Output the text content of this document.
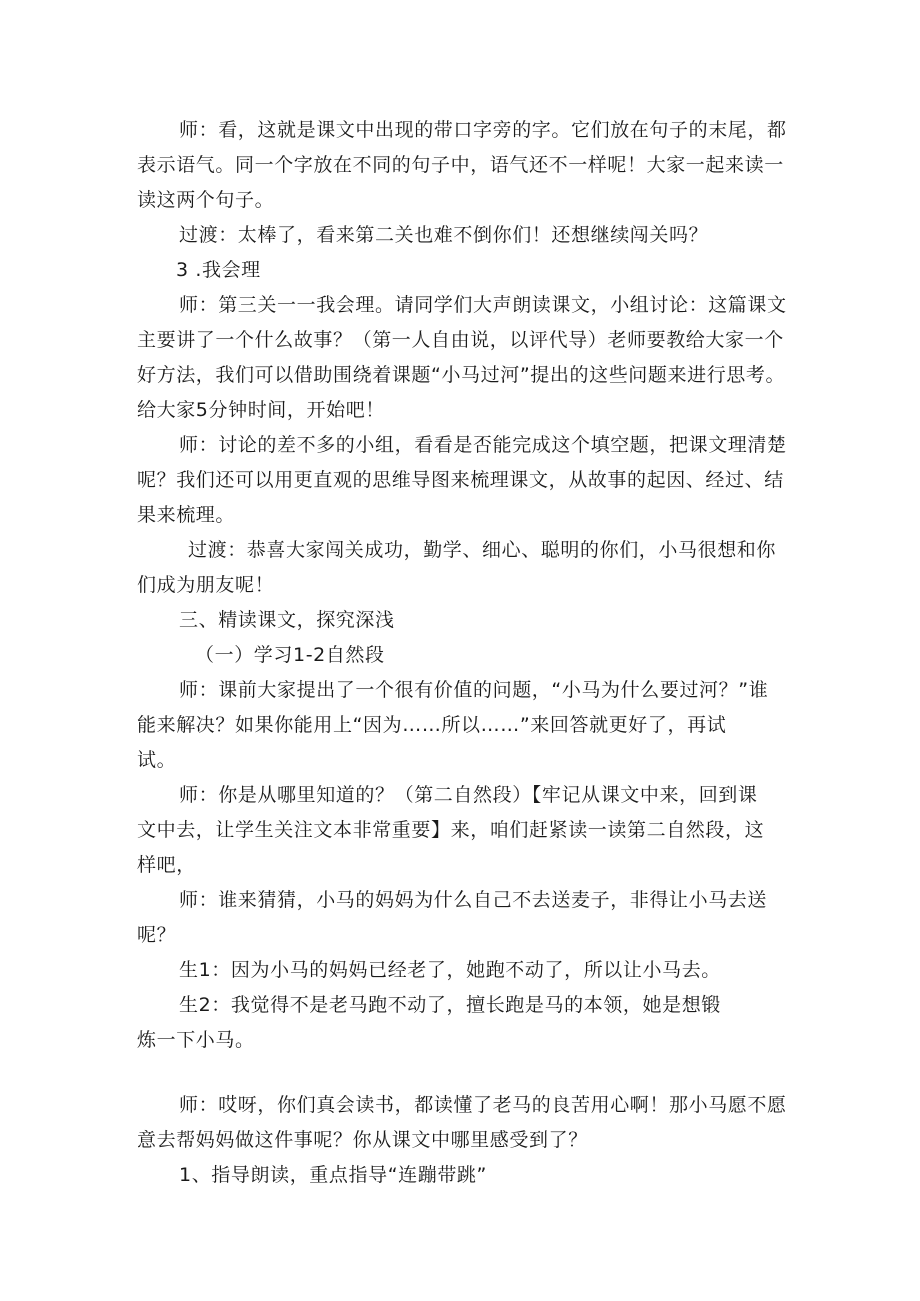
师：看，这就是课文中出现的带口字旁的字。它们放在句子的末尾，都
表示语气。同一个字放在不同的句子中，语气还不一样呢！大家一起来读一
读这两个句子。
过渡：太棒了，看来第二关也难不倒你们！还想继续闯关吗？
3 .我会理
师：第三关一一我会理。请同学们大声朗读课文，小组讨论：这篇课文
主要讲了一个什么故事？（第一人自由说，以评代导）老师要教给大家一个
好方法，我们可以借助围绕着课题“小马过河”提出的这些问题来进行思考。
给大家5分钟时间，开始吧！
师：讨论的差不多的小组，看看是否能完成这个填空题，把课文理清楚
呢？我们还可以用更直观的思维导图来梳理课文，从故事的起因、经过、结
果来梳理。
过渡：恭喜大家闯关成功，勤学、细心、聪明的你们，小马很想和你
们成为朋友呢！
三、精读课文，探究深浅
（一）学习1-2自然段
师：课前大家提出了一个很有价值的问题，“小马为什么要过河？”谁
能来解决？如果你能用上“因为……所以……”来回答就更好了，再试
试。
师：你是从哪里知道的？（第二自然段）【牢记从课文中来，回到课
文中去，让学生关注文本非常重要】来，咱们赶紧读一读第二自然段，这
样吧，
师：谁来猜猜，小马的妈妈为什么自己不去送麦子，非得让小马去送
呢？
生1：因为小马的妈妈已经老了，她跑不动了，所以让小马去。
生2：我觉得不是老马跑不动了，擅长跑是马的本领，她是想锻
炼一下小马。
师：哎呀，你们真会读书，都读懂了老马的良苦用心啊！那小马愿不愿
意去帮妈妈做这件事呢？你从课文中哪里感受到了？
1、指导朗读，重点指导“连蹦带跳”
